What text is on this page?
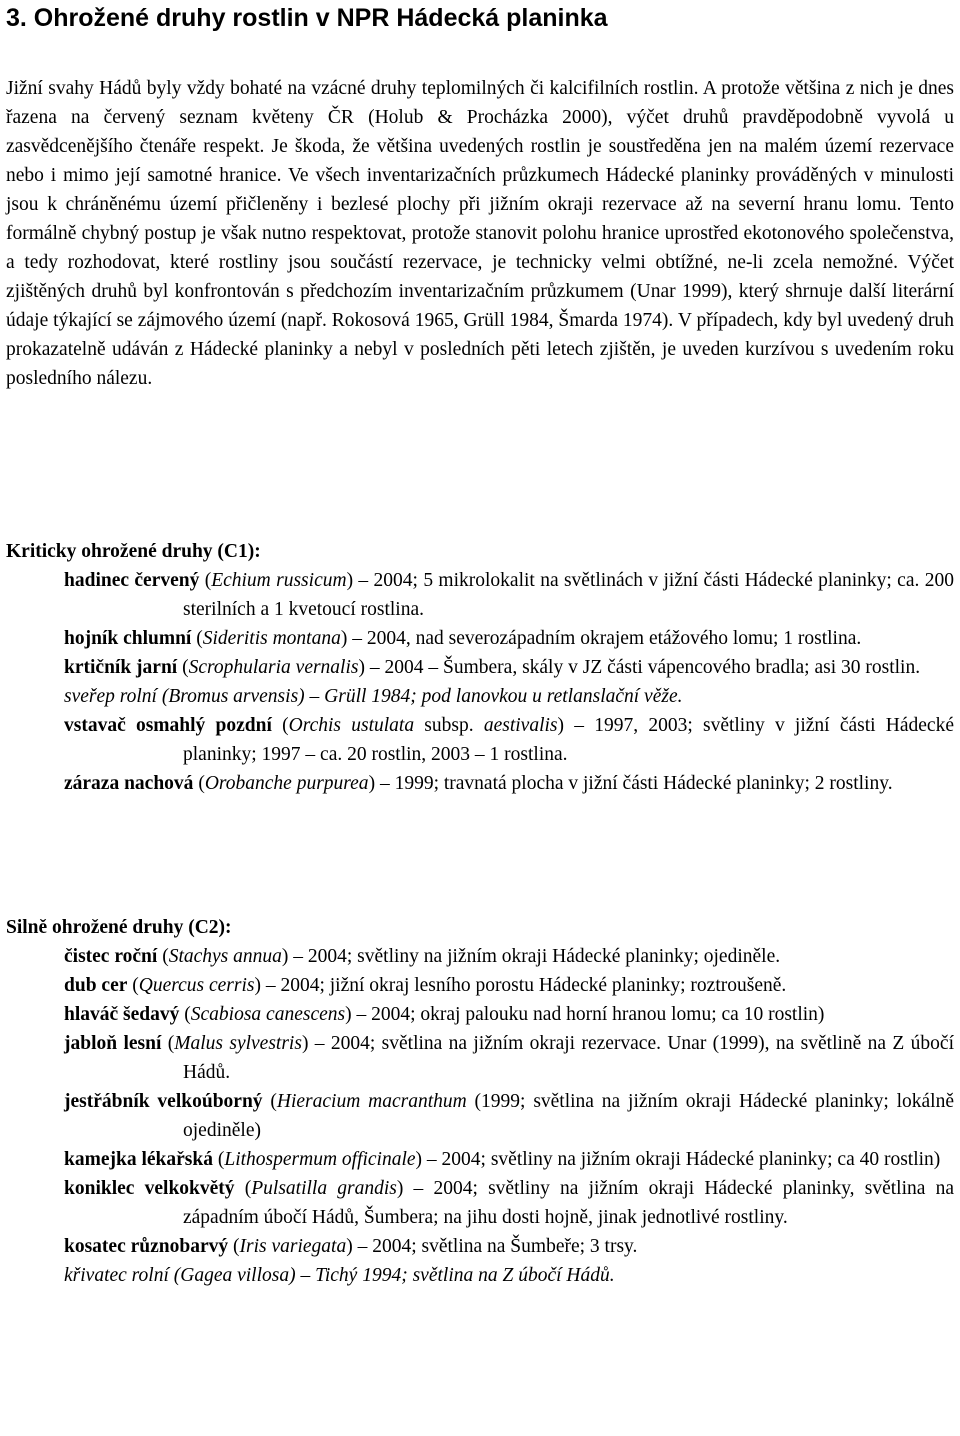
3. Ohrožené druhy rostlin v NPR Hádecká planinka

Jižní svahy Hádů byly vždy bohaté na vzácné druhy teplomilných či kalcifilních rostlin. A protože většina z nich je dnes řazena na červený seznam květeny ČR (Holub & Procházka 2000), výčet druhů pravděpodobně vyvolá u zasvědcenějšího čtenáře respekt. Je škoda, že většina uvedených rostlin je soustředěna jen na malém území rezervace nebo i mimo její samotné hranice. Ve všech inventarizačních průzkumech Hádecké planinky prováděných v minulosti jsou k chráněnému území přičleněny i bezlesé plochy při jižním okraji rezervace až na severní hranu lomu. Tento formálně chybný postup je však nutno respektovat, protože stanovit polohu hranice uprostřed ekotonového společenstva, a tedy rozhodovat, které rostliny jsou součástí rezervace, je technicky velmi obtížné, ne-li zcela nemožné. Výčet zjištěných druhů byl konfrontován s předchozím inventarizačním průzkumem (Unar 1999), který shrnuje další literární údaje týkající se zájmového území (např. Rokosová 1965, Grüll 1984, Šmarda 1974). V případech, kdy byl uvedený druh prokazatelně udáván z Hádecké planinky a nebyl v posledních pěti letech zjištěn, je uveden kurzívou s uvedením roku posledního nálezu.

Kriticky ohrožené druhy (C1):
hadinec červený (Echium russicum) – 2004; 5 mikrolokalit na světlinách v jižní části Hádecké planinky; ca. 200 sterilních a 1 kvetoucí rostlina.
hojník chlumní (Sideritis montana) – 2004, nad severozápadním okrajem etážového lomu; 1 rostlina.
krtičník jarní (Scrophularia vernalis) – 2004 – Šumbera, skály v JZ části vápencového bradla; asi 30 rostlin.
sveřep rolní (Bromus arvensis) – Grüll 1984; pod lanovkou u retlanslační věže.
vstavač osmahlý pozdní (Orchis ustulata subsp. aestivalis) – 1997, 2003; světliny v jižní části Hádecké planinky; 1997 – ca. 20 rostlin, 2003 – 1 rostlina.
záraza nachová (Orobanche purpurea) – 1999; travnatá plocha v jižní části Hádecké planinky; 2 rostliny.
Silně ohrožené druhy (C2):
čistec roční (Stachys annua) – 2004; světliny na jižním okraji Hádecké planinky; ojediněle.
dub cer (Quercus cerris) – 2004; jižní okraj lesního porostu Hádecké planinky; roztroušeně.
hlaváč šedavý (Scabiosa canescens) – 2004; okraj palouku nad horní hranou lomu; ca 10 rostlin)
jabloň lesní (Malus sylvestris) – 2004; světlina na jižním okraji rezervace. Unar (1999), na světlině na Z úbočí Hádů.
jestřábník velkoúborný (Hieracium macranthum (1999; světlina na jižním okraji Hádecké planinky; lokálně ojediněle)
kamejka lékařská (Lithospermum officinale) – 2004; světliny na jižním okraji Hádecké planinky; ca 40 rostlin)
koniklec velkokvětý (Pulsatilla grandis) – 2004; světliny na jižním okraji Hádecké planinky, světlina na západním úbočí Hádů, Šumbera; na jihu dosti hojně, jinak jednotlivé rostliny.
kosatec různobarvý (Iris variegata) – 2004; světlina na Šumbeře; 3 trsy.
křivatec rolní (Gagea villosa) – Tichý 1994; světlina na Z úbočí Hádů.
